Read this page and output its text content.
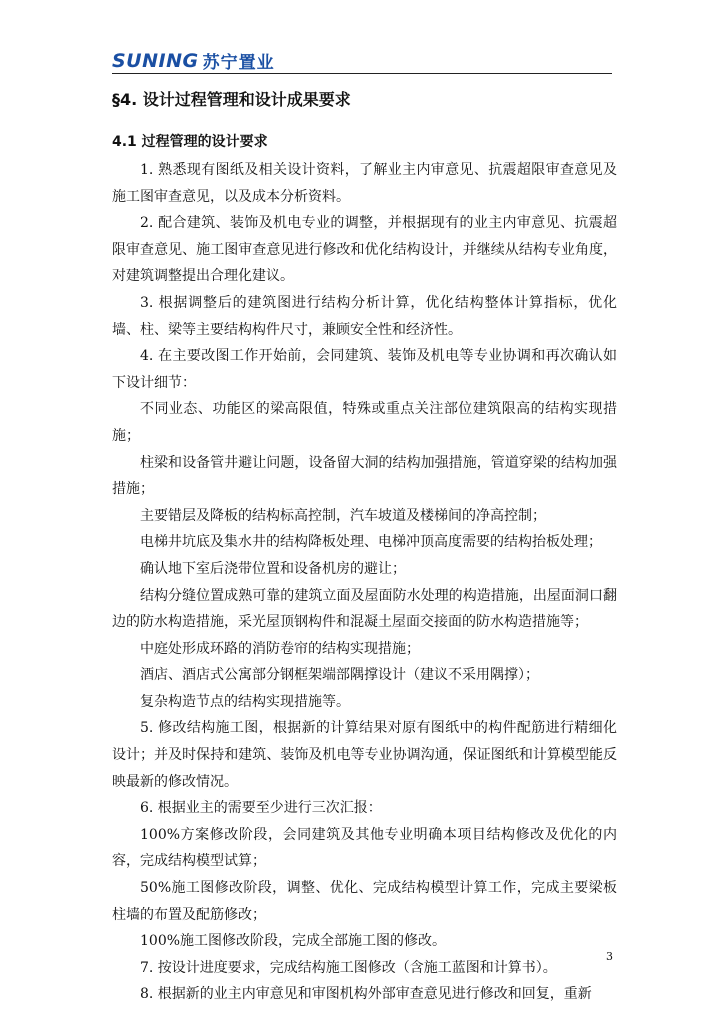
SUNING 苏宁置业
§4. 设计过程管理和设计成果要求
4.1 过程管理的设计要求

1. 熟悉现有图纸及相关设计资料，了解业主内审意见、抗震超限审查意见及施工图审查意见，以及成本分析资料。

2. 配合建筑、装饰及机电专业的调整，并根据现有的业主内审意见、抗震超限审查意见、施工图审查意见进行修改和优化结构设计，并继续从结构专业角度，对建筑调整提出合理化建议。

3. 根据调整后的建筑图进行结构分析计算，优化结构整体计算指标，优化墙、柱、梁等主要结构构件尺寸，兼顾安全性和经济性。

4. 在主要改图工作开始前，会同建筑、装饰及机电等专业协调和再次确认如下设计细节：

不同业态、功能区的梁高限值，特殊或重点关注部位建筑限高的结构实现措施；

柱梁和设备管井避让问题，设备留大洞的结构加强措施，管道穿梁的结构加强措施；

主要错层及降板的结构标高控制，汽车坡道及楼梯间的净高控制；

电梯井坑底及集水井的结构降板处理、电梯冲顶高度需要的结构抬板处理；

确认地下室后浇带位置和设备机房的避让；

结构分缝位置成熟可靠的建筑立面及屋面防水处理的构造措施，出屋面洞口翻边的防水构造措施，采光屋顶钢构件和混凝土屋面交接面的防水构造措施等；

中庭处形成环路的消防卷帘的结构实现措施；

酒店、酒店式公寓部分钢框架端部隅撑设计（建议不采用隅撑）；

复杂构造节点的结构实现措施等。

5. 修改结构施工图，根据新的计算结果对原有图纸中的构件配筋进行精细化设计；并及时保持和建筑、装饰及机电等专业协调沟通，保证图纸和计算模型能反映最新的修改情况。

6. 根据业主的需要至少进行三次汇报：

100%方案修改阶段，会同建筑及其他专业明确本项目结构修改及优化的内容，完成结构模型试算；

50%施工图修改阶段，调整、优化、完成结构模型计算工作，完成主要梁板柱墙的布置及配筋修改；

100%施工图修改阶段，完成全部施工图的修改。

7. 按设计进度要求，完成结构施工图修改（含施工蓝图和计算书）。

8. 根据新的业主内审意见和审图机构外部审查意见进行修改和回复，重新

3
